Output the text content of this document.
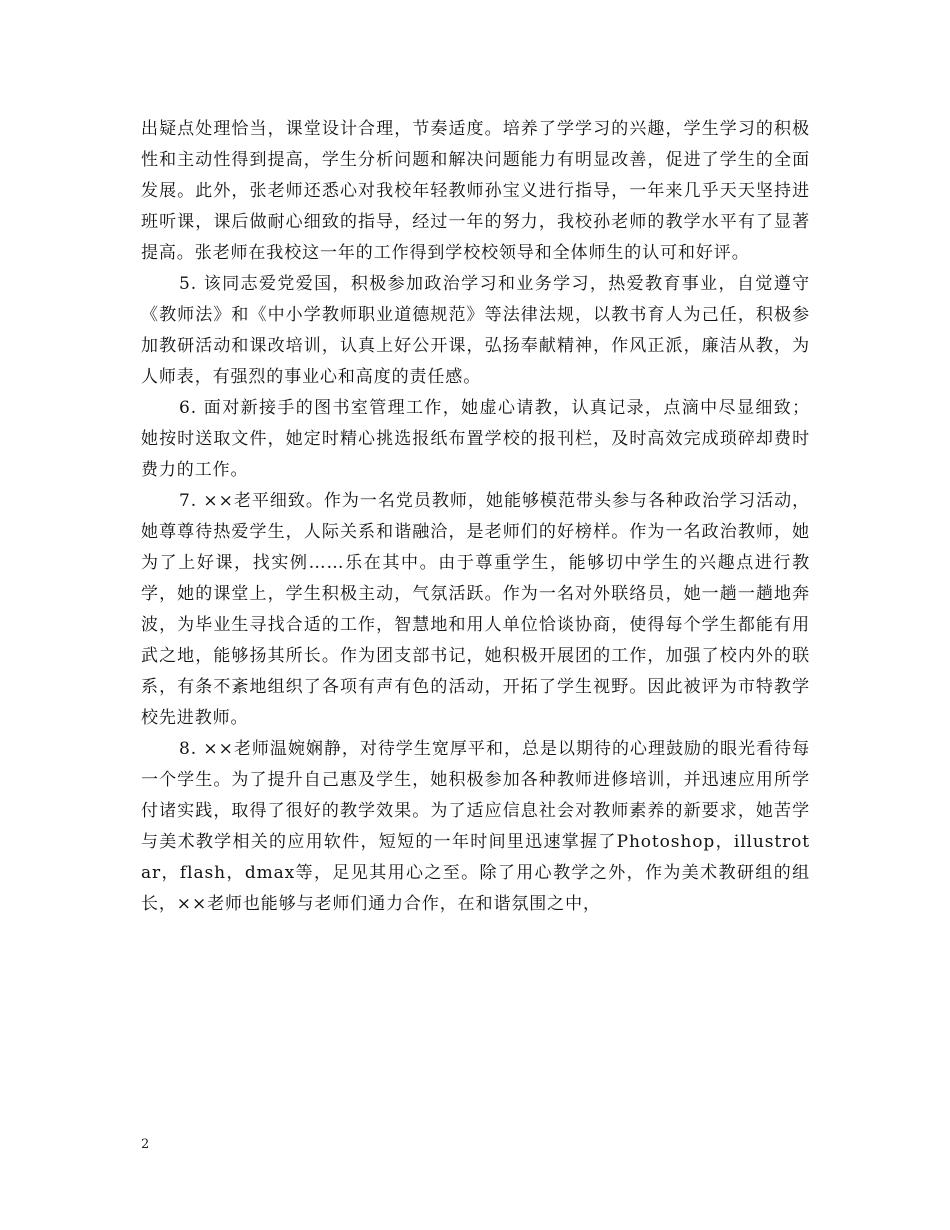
出疑点处理恰当，课堂设计合理，节奏适度。培养了学学习的兴趣，学生学习的积极性和主动性得到提高，学生分析问题和解决问题能力有明显改善，促进了学生的全面发展。此外，张老师还悉心对我校年轻教师孙宝义进行指导，一年来几乎天天坚持进班听课，课后做耐心细致的指导，经过一年的努力，我校孙老师的教学水平有了显著提高。张老师在我校这一年的工作得到学校校领导和全体师生的认可和好评。

5. 该同志爱党爱国，积极参加政治学习和业务学习，热爱教育事业，自觉遵守《教师法》和《中小学教师职业道德规范》等法律法规，以教书育人为己任，积极参加教研活动和课改培训，认真上好公开课，弘扬奉献精神，作风正派，廉洁从教，为人师表，有强烈的事业心和高度的责任感。

6. 面对新接手的图书室管理工作，她虚心请教，认真记录，点滴中尽显细致；她按时送取文件，她定时精心挑选报纸布置学校的报刊栏，及时高效完成琐碎却费时费力的工作。

7. ××老平细致。作为一名党员教师，她能够模范带头参与各种政治学习活动，她尊尊待热爱学生，人际关系和谐融洽，是老师们的好榜样。作为一名政治教师，她为了上好课，找实例……乐在其中。由于尊重学生，能够切中学生的兴趣点进行教学，她的课堂上，学生积极主动，气氛活跃。作为一名对外联络员，她一趟一趟地奔波，为毕业生寻找合适的工作，智慧地和用人单位恰谈协商，使得每个学生都能有用武之地，能够扬其所长。作为团支部书记，她积极开展团的工作，加强了校内外的联系，有条不紊地组织了各项有声有色的活动，开拓了学生视野。因此被评为市特教学校先进教师。

8. ××老师温婉娴静，对待学生宽厚平和，总是以期待的心理鼓励的眼光看待每一个学生。为了提升自己惠及学生，她积极参加各种教师进修培训，并迅速应用所学付诸实践，取得了很好的教学效果。为了适应信息社会对教师素养的新要求，她苦学与美术教学相关的应用软件，短短的一年时间里迅速掌握了Photoshop，illustrotar，flash，dmax等，足见其用心之至。除了用心教学之外，作为美术教研组的组长，××老师也能够与老师们通力合作，在和谐氛围之中，

2
